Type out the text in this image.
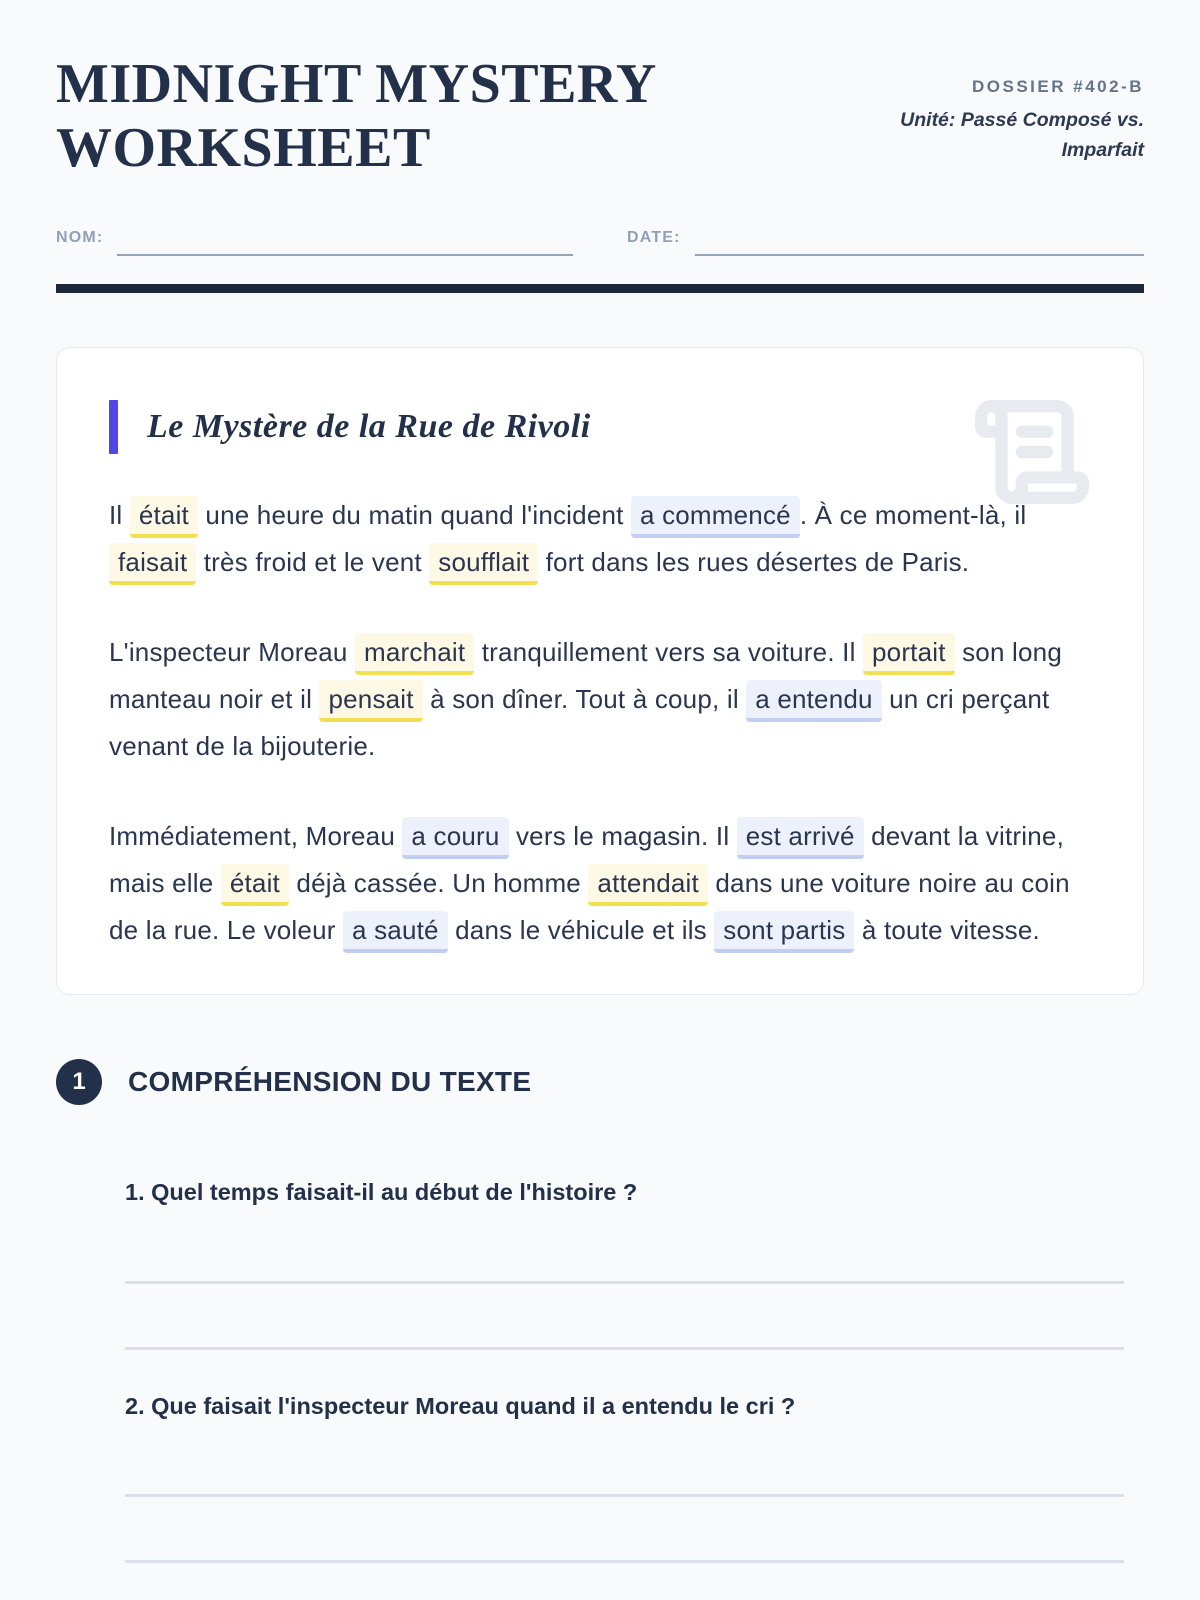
MIDNIGHT MYSTERY WORKSHEET
DOSSIER #402-B
Unité: Passé Composé vs. Imparfait
NOM:	DATE:
Le Mystère de la Rue de Rivoli

Il était une heure du matin quand l'incident a commencé . À ce moment-là, il faisait très froid et le vent soufflait fort dans les rues désertes de Paris.

L'inspecteur Moreau marchait tranquillement vers sa voiture. Il portait son long manteau noir et il pensait à son dîner. Tout à coup, il a entendu un cri perçant venant de la bijouterie.

Immédiatement, Moreau a couru vers le magasin. Il est arrivé devant la vitrine, mais elle était déjà cassée. Un homme attendait dans une voiture noire au coin de la rue. Le voleur a sauté dans le véhicule et ils sont partis à toute vitesse.

1	COMPRÉHENSION DU TEXTE

1. Quel temps faisait-il au début de l'histoire ?

2. Que faisait l'inspecteur Moreau quand il a entendu le cri ?
